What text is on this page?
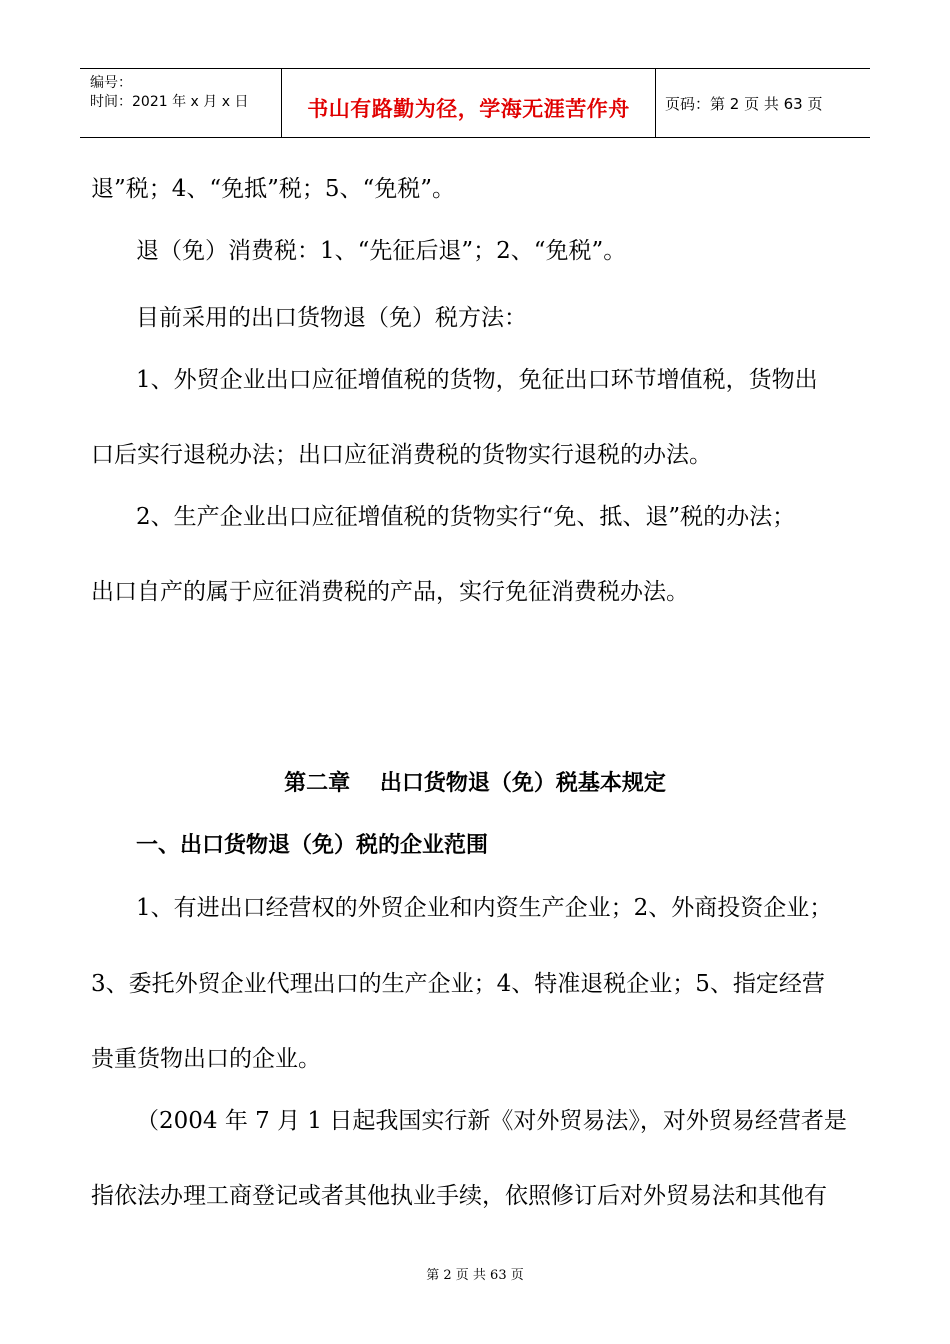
编号：
时间：2021 年 x 月 x 日	书山有路勤为径，学海无涯苦作舟	页码：第 2 页 共 63 页
退”税；4、“免抵”税；5、“免税”。
退（免）消费税：1、“先征后退”；2、“免税”。
目前采用的出口货物退（免）税方法：
1、外贸企业出口应征增值税的货物，免征出口环节增值税，货物出
口后实行退税办法；出口应征消费税的货物实行退税的办法。
2、生产企业出口应征增值税的货物实行“免、抵、退”税的办法；
出口自产的属于应征消费税的产品，实行免征消费税办法。
第二章　 出口货物退（免）税基本规定
一、出口货物退（免）税的企业范围
1、有进出口经营权的外贸企业和内资生产企业；2、外商投资企业；
3、委托外贸企业代理出口的生产企业；4、特准退税企业；5、指定经营
贵重货物出口的企业。
（2004 年 7 月 1 日起我国实行新《对外贸易法》，对外贸易经营者是
指依法办理工商登记或者其他执业手续，依照修订后对外贸易法和其他有
第 2 页 共 63 页
